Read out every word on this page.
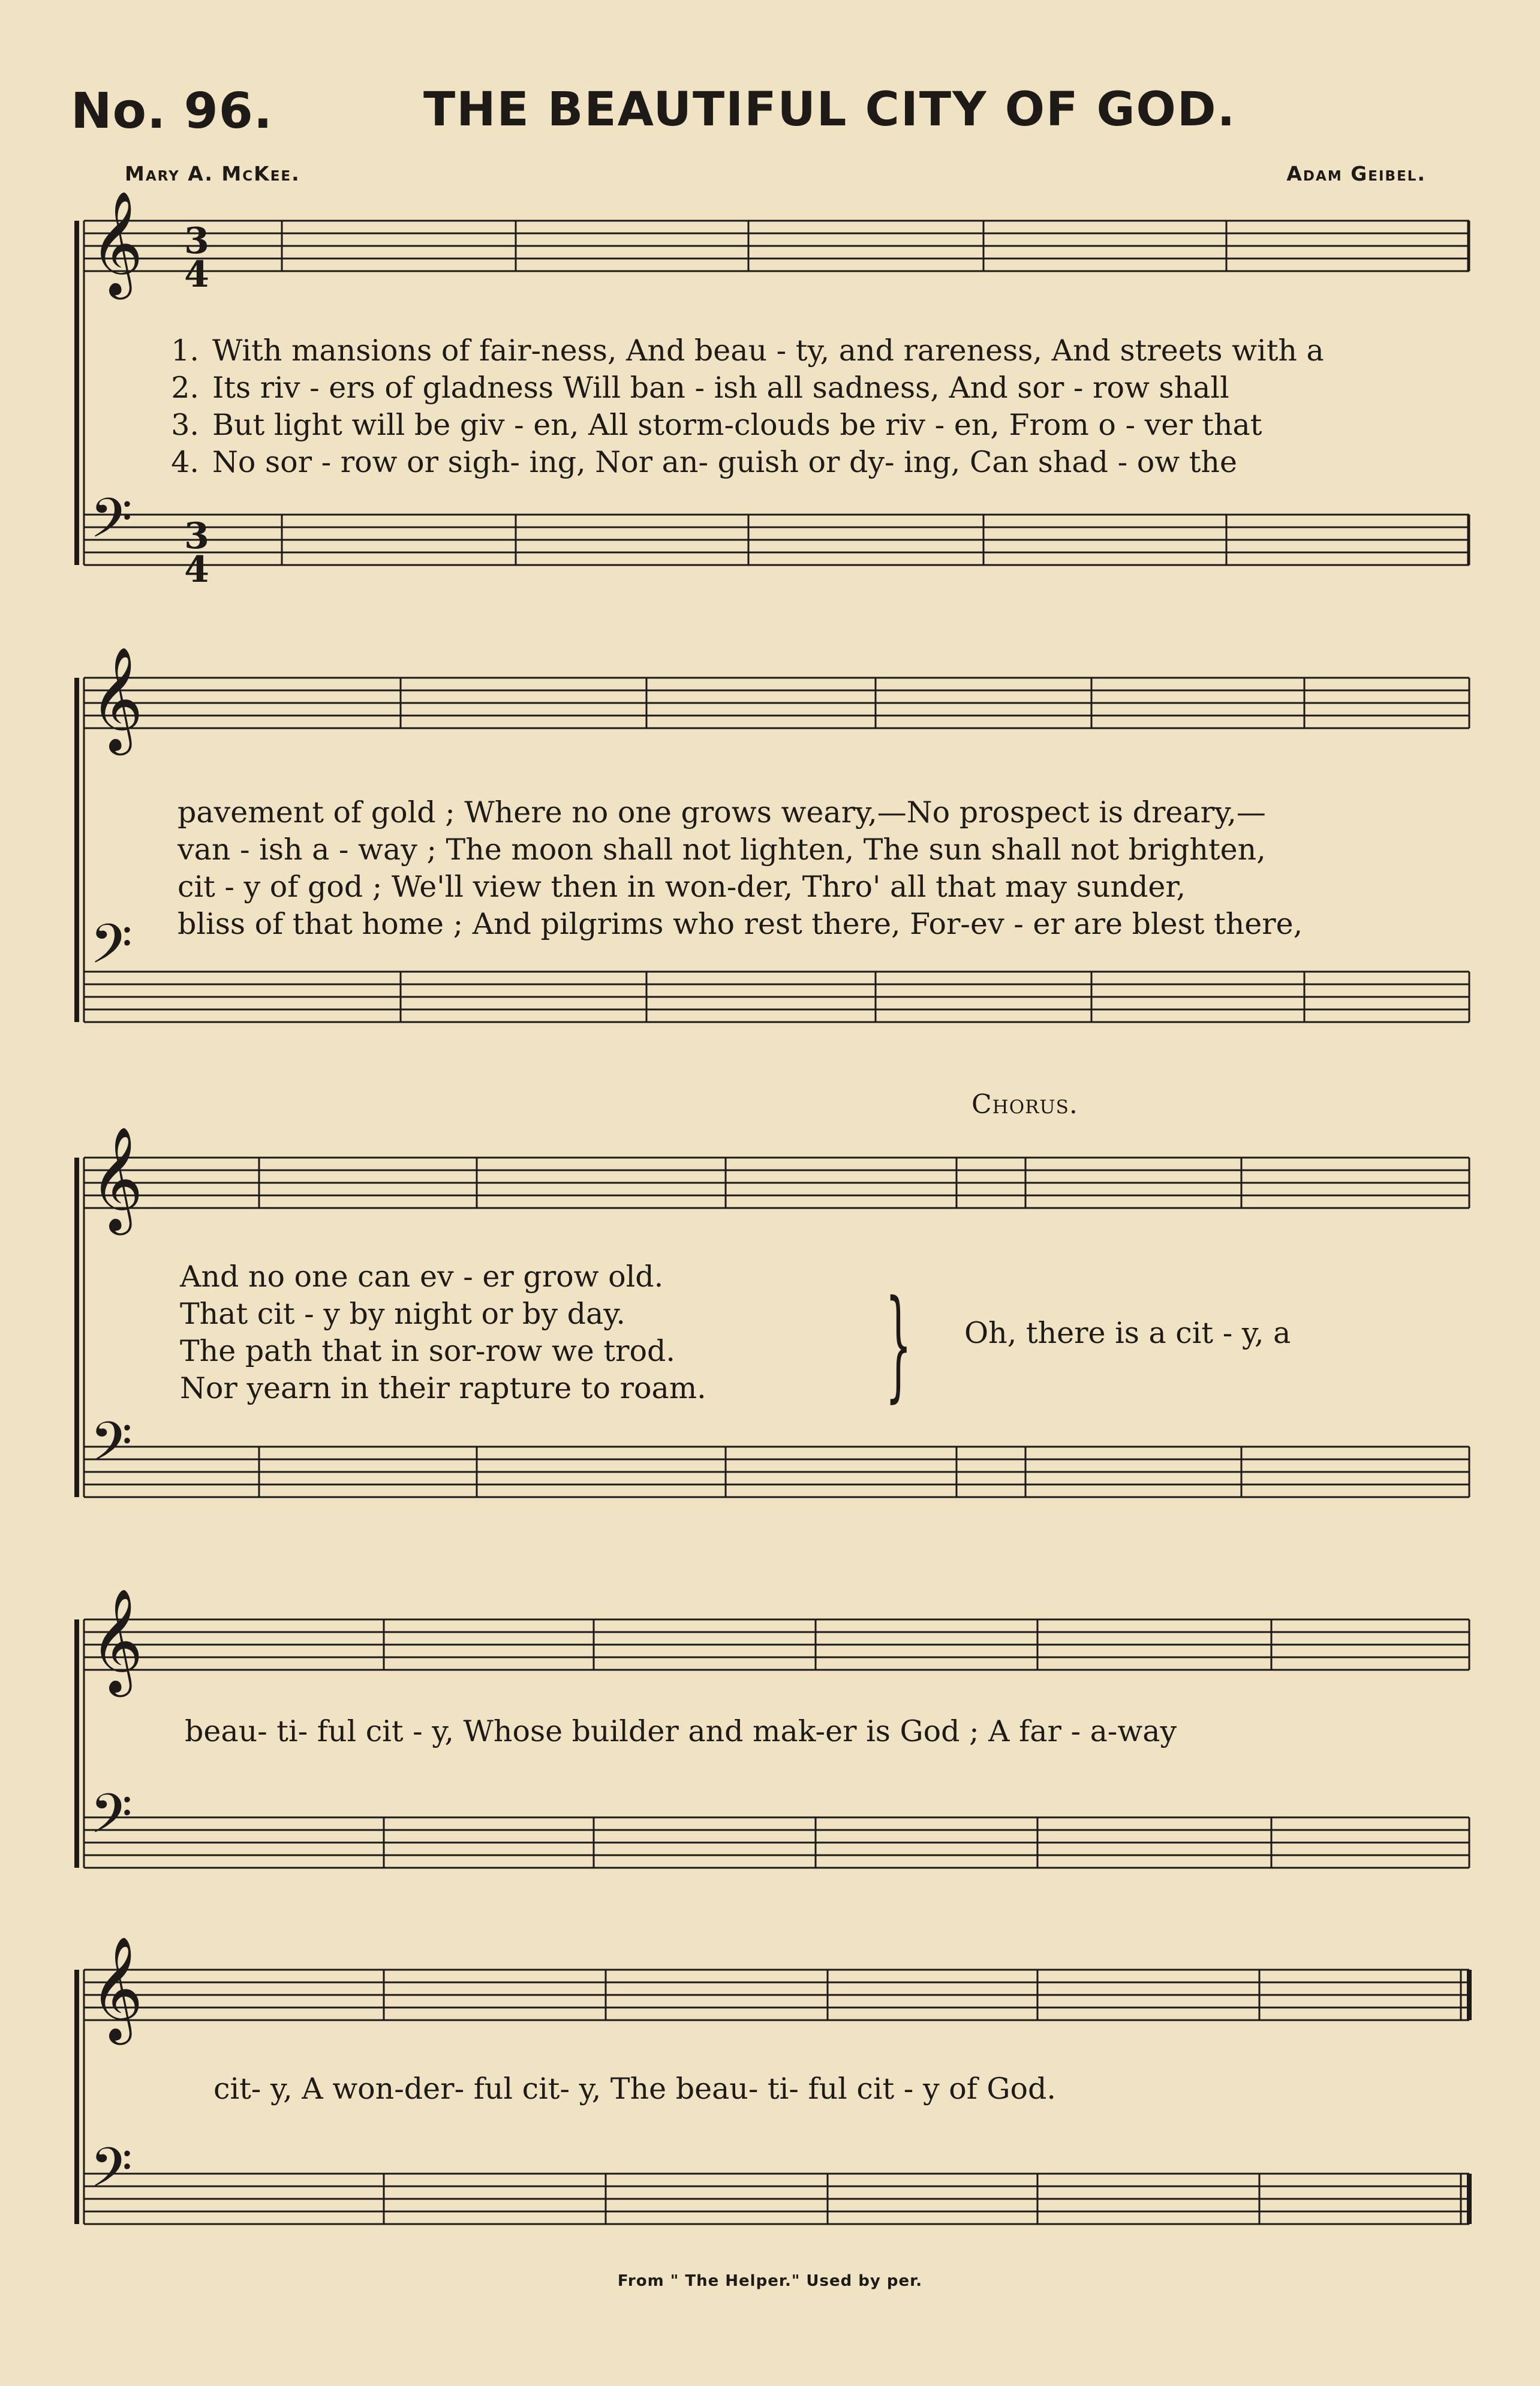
No. 96.	THE BEAUTIFUL CITY OF GOD.
Mary A. McKee.	Adam Geibel.
𝄞 3
4
𝄢 3
4
𝄞
𝄢
𝄞
𝄢
𝄞
𝄢
𝄞
𝄢
1. With mansions of fair-ness, And beau - ty, and rareness, And streets with a
2. Its riv - ers of gladness Will ban - ish all sadness, And sor - row shall
3. But light will be giv - en, All storm-clouds be riv - en, From o - ver that
4. No sor - row or sigh- ing, Nor an- guish or dy- ing, Can shad - ow the
pavement of gold ; Where no one grows weary,—No prospect is dreary,—
van - ish a - way ; The moon shall not lighten, The sun shall not brighten,
cit - y of god ; We'll view then in won-der, Thro' all that may sunder,
bliss of that home ; And pilgrims who rest there, For-ev - er are blest there,
Chorus.
And no one can ev - er grow old.
That cit - y by night or by day.
The path that in sor-row we trod.
Nor yearn in their rapture to roam. } Oh, there is a cit - y, a
beau- ti- ful cit - y, Whose builder and mak-er is God ; A far - a-way
cit- y, A won-der- ful cit- y, The beau- ti- ful cit - y of God.
From " The Helper." Used by per.
